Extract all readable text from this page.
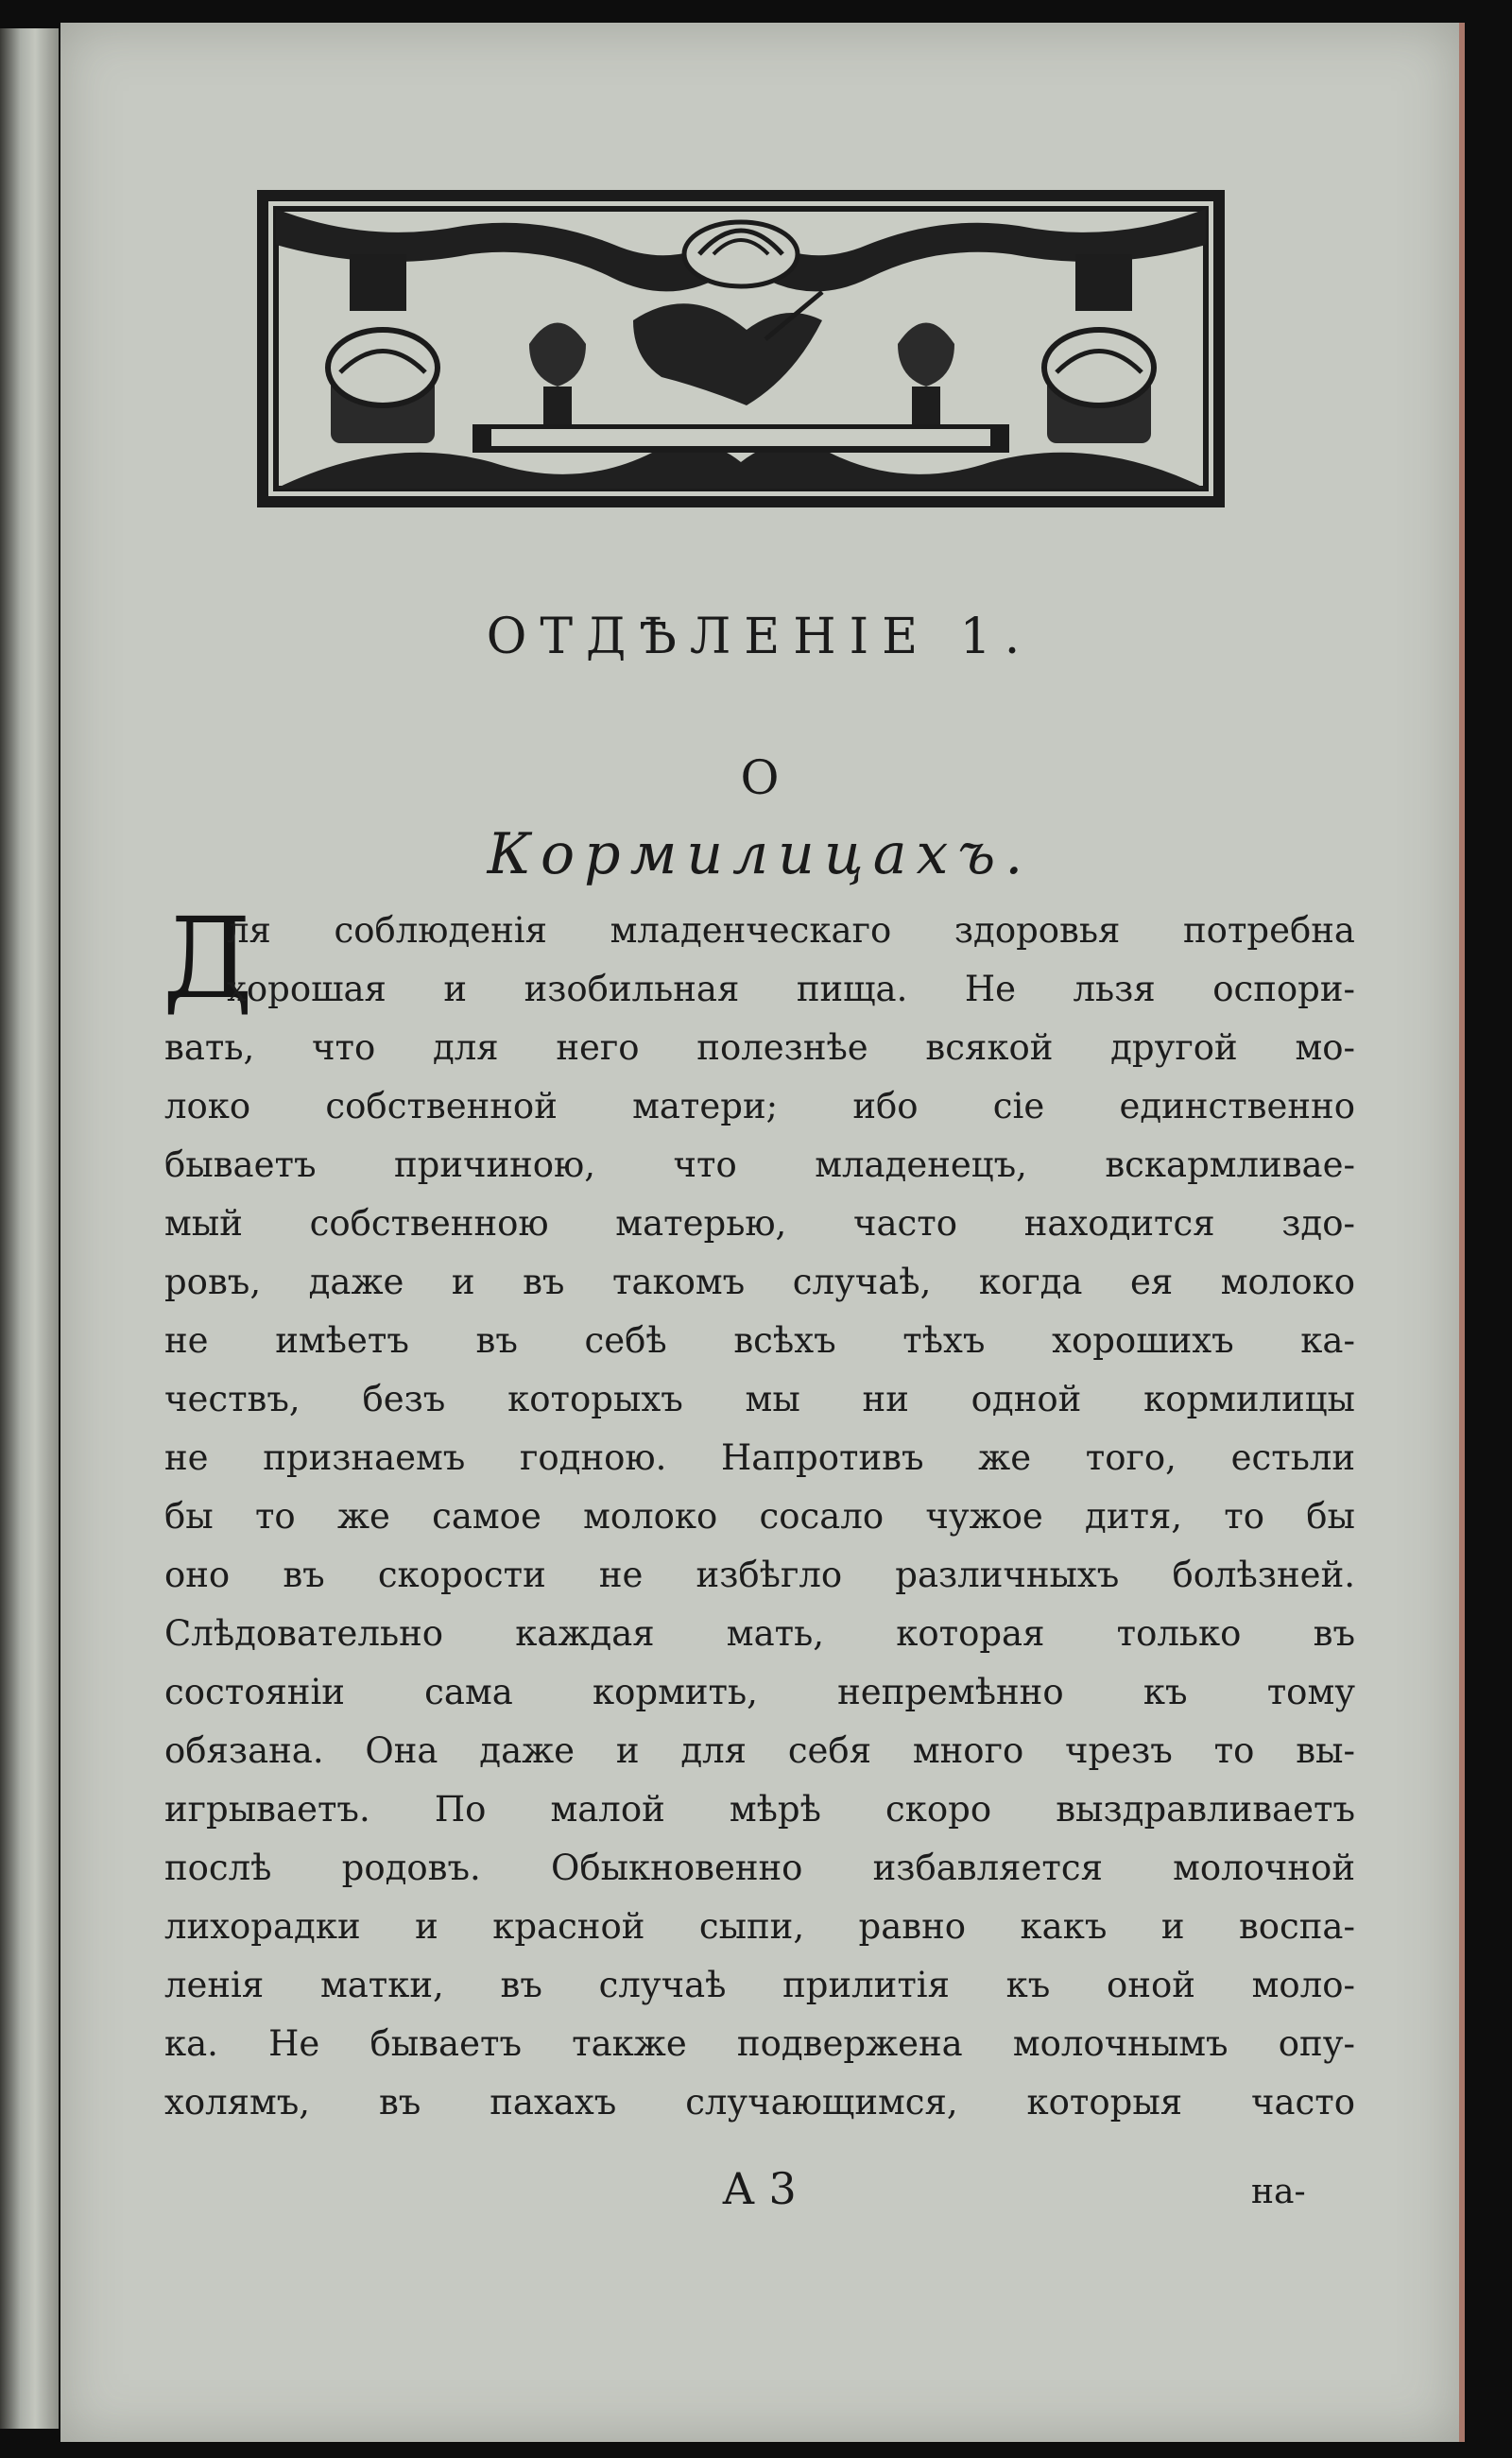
ОТДѢЛЕНІЕ 1.
О
Кормилицахъ.
Д
ля соблюденія младенческаго здоровья потребна
хорошая и изобильная пища. Не льзя оспори-
вать, что для него полезнѣе всякой другой мо-
локо собственной матери; ибо сіе единственно
бываетъ причиною, что младенецъ, вскармливае-
мый собственною матерью, часто находится здо-
ровъ, даже и въ такомъ случаѣ, когда ея молоко
не имѣетъ въ себѣ всѣхъ тѣхъ хорошихъ ка-
чествъ, безъ которыхъ мы ни одной кормилицы
не признаемъ годною. Напротивъ же того, естьли
бы то же самое молоко сосало чужое дитя, то бы
оно въ скорости не избѣгло различныхъ болѣзней.
Слѣдовательно каждая мать, которая только въ
состояніи сама кормить, непремѣнно къ тому
обязана. Она даже и для себя много чрезъ то вы-
игрываетъ. По малой мѣрѣ скоро выздравливаетъ
послѣ родовъ. Обыкновенно избавляется молочной
лихорадки и красной сыпи, равно какъ и воспа-
ленія матки, въ случаѣ прилитія къ оной моло-
ка. Не бываетъ также подвержена молочнымъ опу-
холямъ, въ пахахъ случающимся, которыя часто
А 3	на-
